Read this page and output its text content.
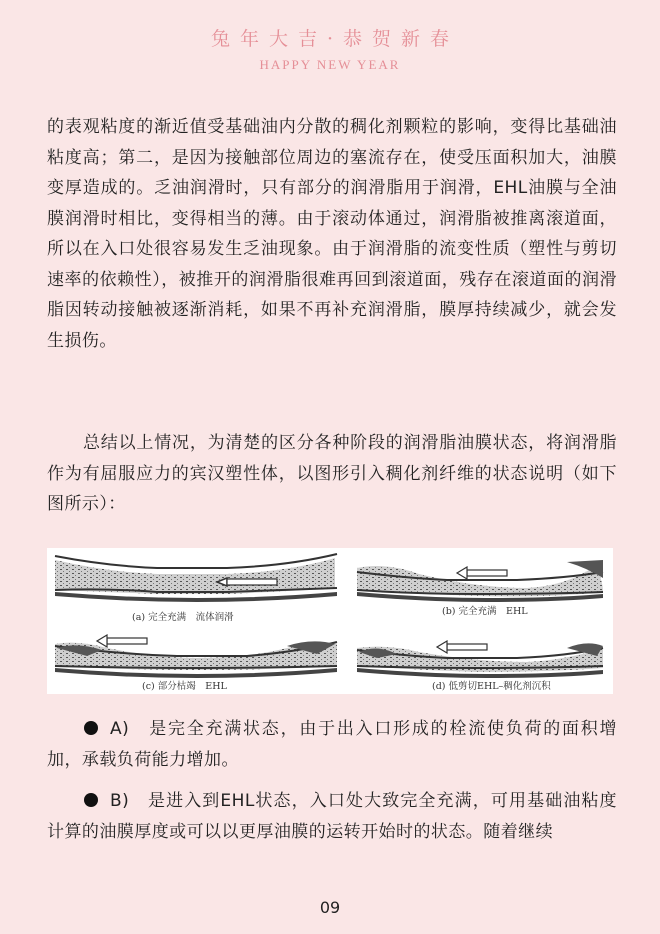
兔年大吉·恭贺新春
HAPPY NEW YEAR

的表观粘度的渐近值受基础油内分散的稠化剂颗粒的影响，变得比基础油粘度高；第二，是因为接触部位周边的塞流存在，使受压面积加大，油膜变厚造成的。乏油润滑时，只有部分的润滑脂用于润滑，EHL油膜与全油膜润滑时相比，变得相当的薄。由于滚动体通过，润滑脂被推离滚道面，所以在入口处很容易发生乏油现象。由于润滑脂的流变性质（塑性与剪切速率的依赖性），被推开的润滑脂很难再回到滚道面，残存在滚道面的润滑脂因转动接触被逐渐消耗，如果不再补充润滑脂，膜厚持续减少，就会发生损伤。

总结以上情况，为清楚的区分各种阶段的润滑脂油膜状态，将润滑脂作为有屈服应力的宾汉塑性体，以图形引入稠化剂纤维的状态说明（如下图所示）：

(a) 完全充满　流体润滑
(b) 完全充满　EHL
(c) 部分枯竭　EHL	(d) 低剪切EHL–稠化剂沉积

A)　是完全充满状态，由于出入口形成的栓流使负荷的面积增加，承载负荷能力增加。

B)　是进入到EHL状态，入口处大致完全充满，可用基础油粘度计算的油膜厚度或可以以更厚油膜的运转开始时的状态。随着继续

09
